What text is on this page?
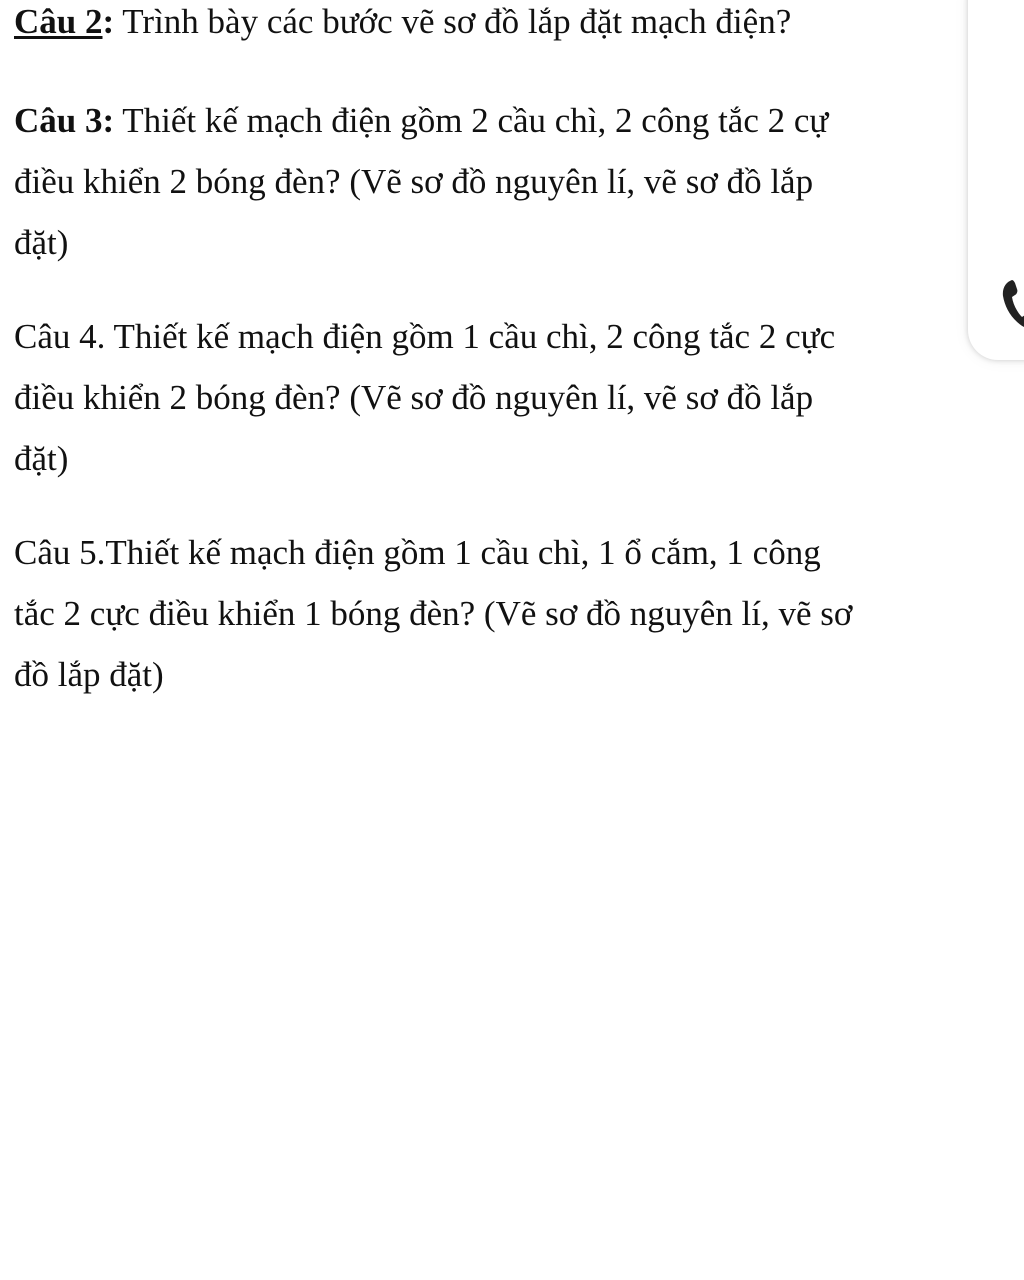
Câu 2: Trình bày các bước vẽ sơ đồ lắp đặt mạch điện?

Câu 3: Thiết kế mạch điện gồm 2 cầu chì, 2 công tắc 2 cự
điều khiển 2 bóng đèn? (Vẽ sơ đồ nguyên lí, vẽ sơ đồ lắp
đặt)

Câu 4. Thiết kế mạch điện gồm 1 cầu chì, 2 công tắc 2 cực
điều khiển 2 bóng đèn? (Vẽ sơ đồ nguyên lí, vẽ sơ đồ lắp
đặt)

Câu 5.Thiết kế mạch điện gồm 1 cầu chì, 1 ổ cắm, 1 công
tắc 2 cực điều khiển 1 bóng đèn? (Vẽ sơ đồ nguyên lí, vẽ sơ
đồ lắp đặt)
